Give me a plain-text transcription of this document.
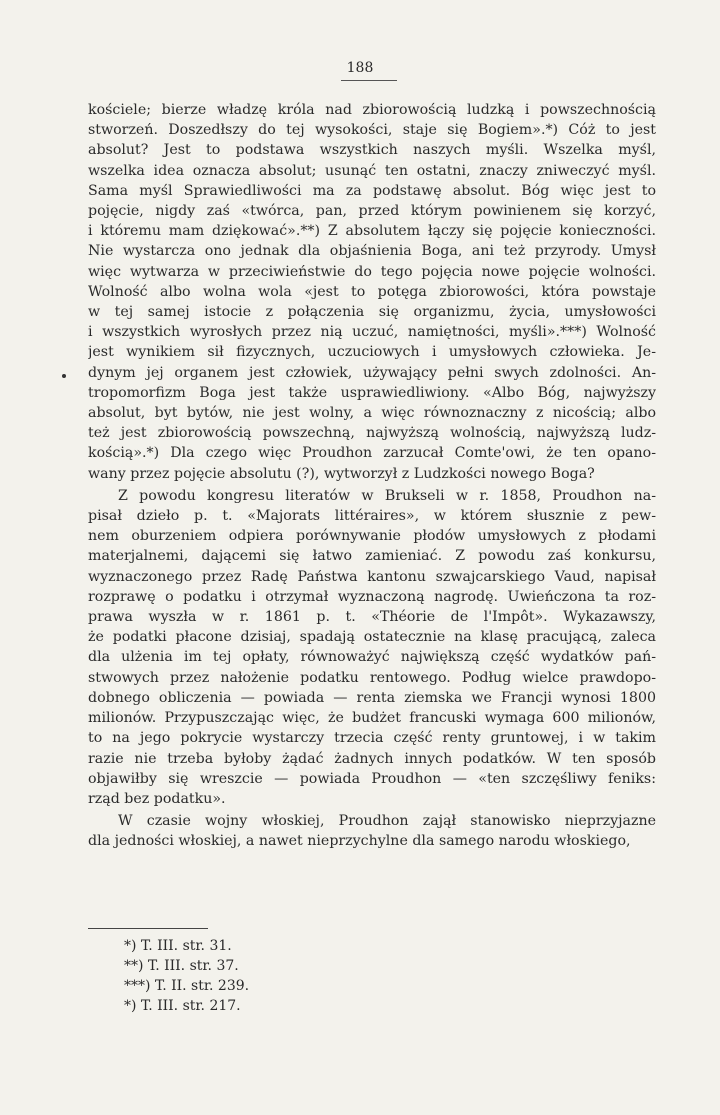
188
kościele; bierze władzę króla nad zbiorowością ludzką i powszechnością
stworzeń. Doszedłszy do tej wysokości, staje się Bogiem».*) Cóż to jest
absolut? Jest to podstawa wszystkich naszych myśli. Wszelka myśl,
wszelka idea oznacza absolut; usunąć ten ostatni, znaczy zniweczyć myśl.
Sama myśl Sprawiedliwości ma za podstawę absolut. Bóg więc jest to
pojęcie, nigdy zaś «twórca, pan, przed którym powinienem się korzyć,
i któremu mam dziękować».**) Z absolutem łączy się pojęcie konieczności.
Nie wystarcza ono jednak dla objaśnienia Boga, ani też przyrody. Umysł
więc wytwarza w przeciwieństwie do tego pojęcia nowe pojęcie wolności.
Wolność albo wolna wola «jest to potęga zbiorowości, która powstaje
w tej samej istocie z połączenia się organizmu, życia, umysłowości
i wszystkich wyrosłych przez nią uczuć, namiętności, myśli».***) Wolność
jest wynikiem sił fizycznych, uczuciowych i umysłowych człowieka. Je-
dynym jej organem jest człowiek, używający pełni swych zdolności. An-
tropomorfizm Boga jest także usprawiedliwiony. «Albo Bóg, najwyższy
absolut, byt bytów, nie jest wolny, a więc równoznaczny z nicością; albo
też jest zbiorowością powszechną, najwyższą wolnością, najwyższą ludz-
kością».*) Dla czego więc Proudhon zarzucał Comte'owi, że ten opano-
wany przez pojęcie absolutu (?), wytworzył z Ludzkości nowego Boga?
Z powodu kongresu literatów w Brukseli w r. 1858, Proudhon na-
pisał dzieło p. t. «Majorats littéraires», w którem słusznie z pew-
nem oburzeniem odpiera porównywanie płodów umysłowych z płodami
materjalnemi, dającemi się łatwo zamieniać. Z powodu zaś konkursu,
wyznaczonego przez Radę Państwa kantonu szwajcarskiego Vaud, napisał
rozprawę o podatku i otrzymał wyznaczoną nagrodę. Uwieńczona ta roz-
prawa wyszła w r. 1861 p. t. «Théorie de l'Impôt». Wykazawszy,
że podatki płacone dzisiaj, spadają ostatecznie na klasę pracującą, zaleca
dla ulżenia im tej opłaty, równoważyć największą część wydatków pań-
stwowych przez nałożenie podatku rentowego. Podług wielce prawdopo-
dobnego obliczenia — powiada — renta ziemska we Francji wynosi 1800
milionów. Przypuszczając więc, że budżet francuski wymaga 600 milionów,
to na jego pokrycie wystarczy trzecia część renty gruntowej, i w takim
razie nie trzeba byłoby żądać żadnych innych podatków. W ten sposób
objawiłby się wreszcie — powiada Proudhon — «ten szczęśliwy feniks:
rząd bez podatku».
W czasie wojny włoskiej, Proudhon zajął stanowisko nieprzyjazne
dla jedności włoskiej, a nawet nieprzychylne dla samego narodu włoskiego,
*) T. III. str. 31.
**) T. III. str. 37.
***) T. II. str. 239.
*) T. III. str. 217.
